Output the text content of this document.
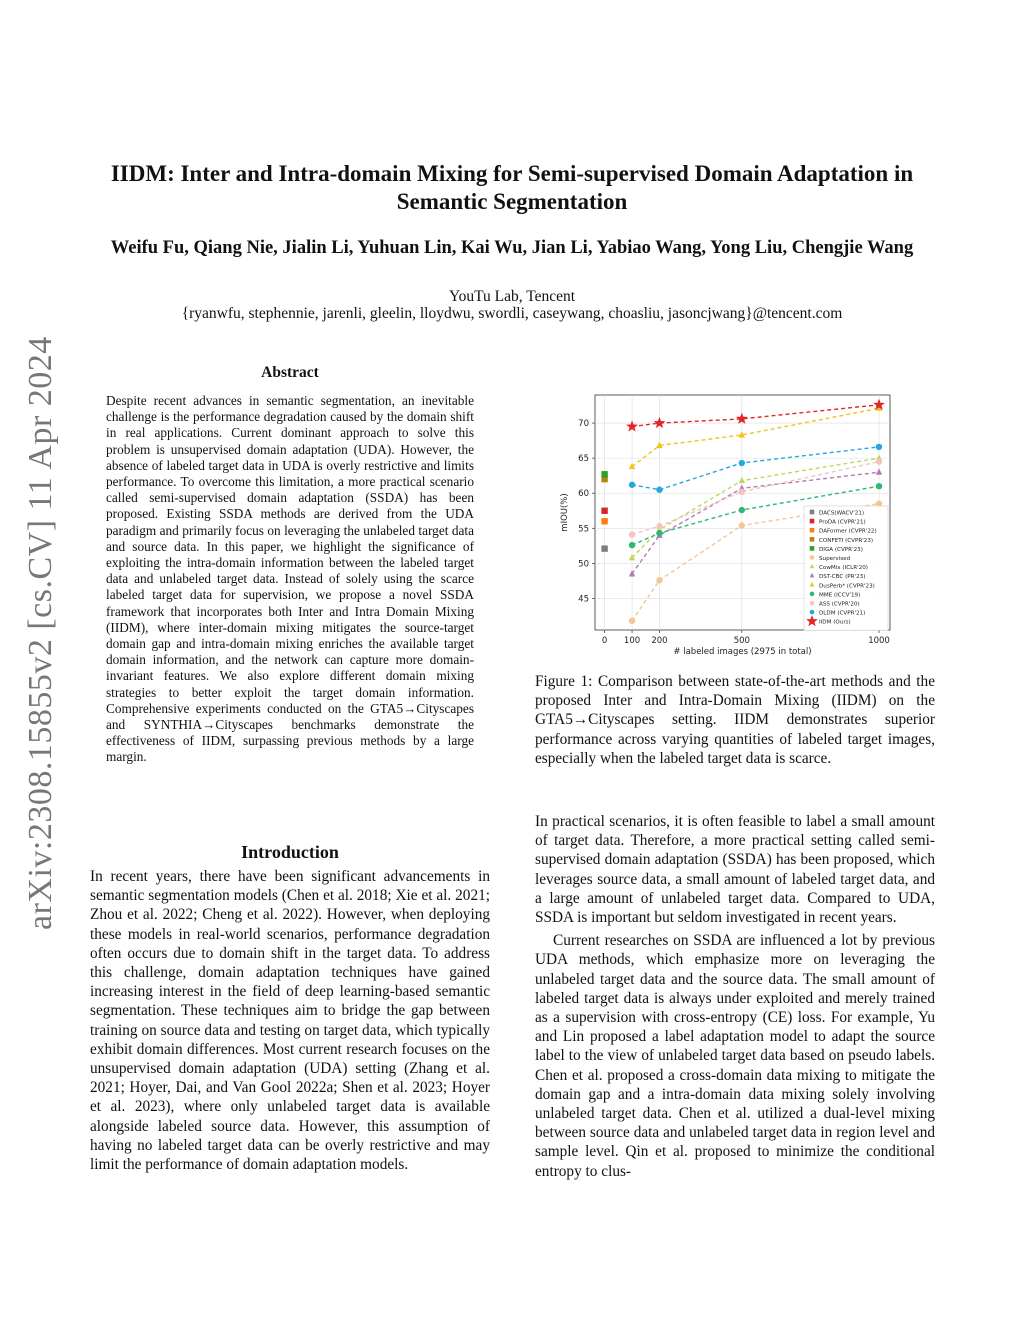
arXiv:2308.15855v2 [cs.CV] 11 Apr 2024
IIDM: Inter and Intra-domain Mixing for Semi-supervised Domain Adaptation in Semantic Segmentation
Weifu Fu, Qiang Nie, Jialin Li, Yuhuan Lin, Kai Wu, Jian Li, Yabiao Wang, Yong Liu, Chengjie Wang
YouTu Lab, Tencent
{ryanwfu, stephennie, jarenli, gleelin, lloydwu, swordli, caseywang, choasliu, jasoncjwang}@tencent.com
Abstract
Despite recent advances in semantic segmentation, an inevitable challenge is the performance degradation caused by the domain shift in real applications. Current dominant approach to solve this problem is unsupervised domain adaptation (UDA). However, the absence of labeled target data in UDA is overly restrictive and limits performance. To overcome this limitation, a more practical scenario called semi-supervised domain adaptation (SSDA) has been proposed. Existing SSDA methods are derived from the UDA paradigm and primarily focus on leveraging the unlabeled target data and source data. In this paper, we highlight the significance of exploiting the intra-domain information between the labeled target data and unlabeled target data. Instead of solely using the scarce labeled target data for supervision, we propose a novel SSDA framework that incorporates both Inter and Intra Domain Mixing (IIDM), where inter-domain mixing mitigates the source-target domain gap and intra-domain mixing enriches the available target domain information, and the network can capture more domain-invariant features. We also explore different domain mixing strategies to better exploit the target domain information. Comprehensive experiments conducted on the GTA5→Cityscapes and SYNTHIA→Cityscapes benchmarks demonstrate the effectiveness of IIDM, surpassing previous methods by a large margin.
Introduction
In recent years, there have been significant advancements in semantic segmentation models (Chen et al. 2018; Xie et al. 2021; Zhou et al. 2022; Cheng et al. 2022). However, when deploying these models in real-world scenarios, performance degradation often occurs due to domain shift in the target data. To address this challenge, domain adaptation techniques have gained increasing interest in the field of deep learning-based semantic segmentation. These techniques aim to bridge the gap between training on source data and testing on target data, which typically exhibit domain differences. Most current research focuses on the unsupervised domain adaptation (UDA) setting (Zhang et al. 2021; Hoyer, Dai, and Van Gool 2022a; Shen et al. 2023; Hoyer et al. 2023), where only unlabeled target data is available alongside labeled source data. However, this assumption of having no labeled target data can be overly restrictive and may limit the performance of domain adaptation models.
45
50
55
60
65
70
0 100 200	500	1000
# labeled images (2975 in total)
mIOU(%)	DACS(WACV'21)
ProDA (CVPR'21)
DAFormer (CVPR'22)
CONFETI (CVPR'23)
DIGA (CVPR'23)
Supervised
CowMix (ICLR'20)
DST-CBC (PR'23)
DusPerb* (CVPR'23)
MME (ICCV'19)
ASS (CVPR'20)
DLDM (CVPR'21)
IIDM (Ours)
Figure 1: Comparison between state-of-the-art methods and the proposed Inter and Intra-Domain Mixing (IIDM) on the GTA5→Cityscapes setting. IIDM demonstrates superior performance across varying quantities of labeled target images, especially when the labeled target data is scarce.

In practical scenarios, it is often feasible to label a small amount of target data. Therefore, a more practical setting called semi-supervised domain adaptation (SSDA) has been proposed, which leverages source data, a small amount of labeled target data, and a large amount of unlabeled target data. Compared to UDA, SSDA is important but seldom investigated in recent years.

Current researches on SSDA are influenced a lot by previous UDA methods, which emphasize more on leveraging the unlabeled target data and the source data. The small amount of labeled target data is always under exploited and merely trained as a supervision with cross-entropy (CE) loss. For example, Yu and Lin proposed a label adaptation model to adapt the source label to the view of unlabeled target data based on pseudo labels. Chen et al. proposed a cross-domain data mixing to mitigate the domain gap and a intra-domain data mixing solely involving unlabeled target data. Chen et al. utilized a dual-level mixing between source data and unlabeled target data in region level and sample level. Qin et al. proposed to minimize the conditional entropy to clus-
